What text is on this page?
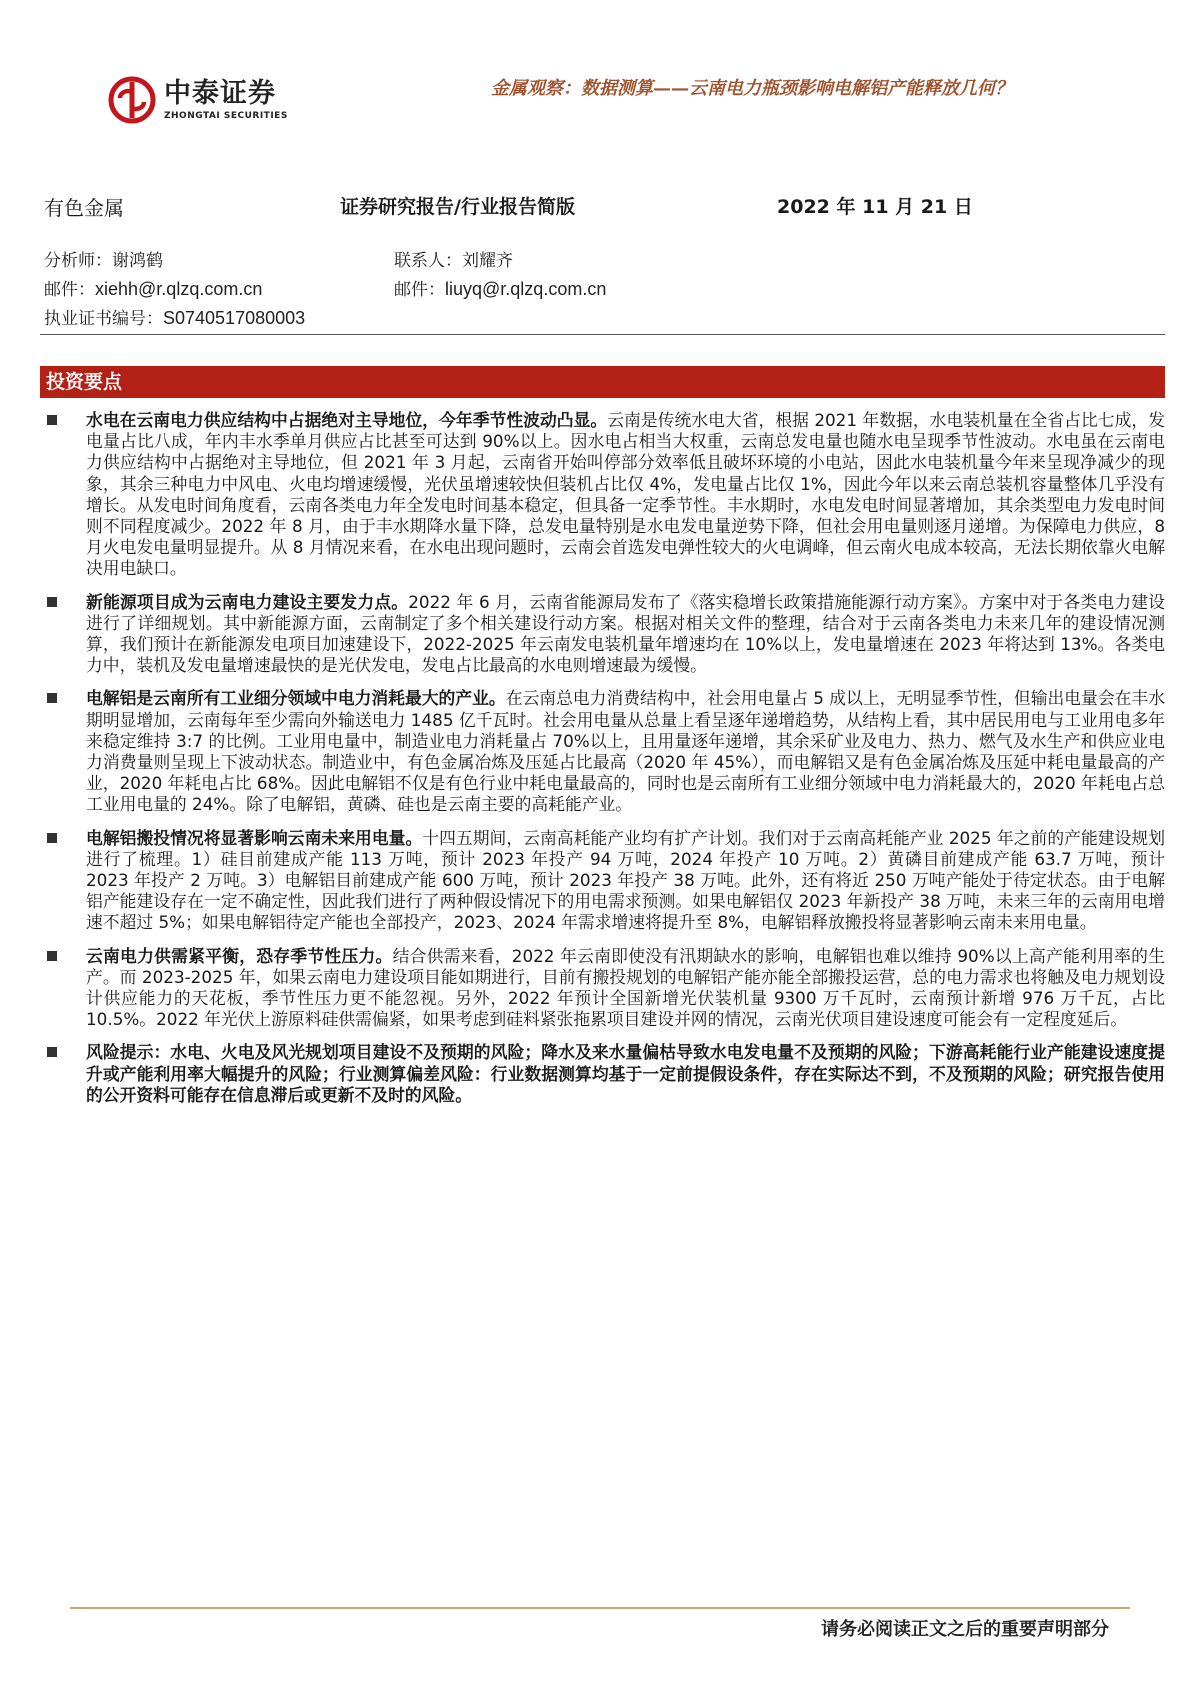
中泰证券
ZHONGTAI SECURITIES
金属观察：数据测算——云南电力瓶颈影响电解铝产能释放几何？
有色金属	证券研究报告/行业报告简版	2022 年 11 月 21 日
分析师：谢鸿鹤
邮件：xiehh@r.qlzq.com.cn
执业证书编号：S0740517080003
联系人：刘耀齐
邮件：liuyq@r.qlzq.com.cn
投资要点

水电在云南电力供应结构中占据绝对主导地位，今年季节性波动凸显。云南是传统水电大省，根据 2021 年数据，水电装机量在全省占比七成，发电量占比八成，年内丰水季单月供应占比甚至可达到 90%以上。因水电占相当大权重，云南总发电量也随水电呈现季节性波动。水电虽在云南电力供应结构中占据绝对主导地位，但 2021 年 3 月起，云南省开始叫停部分效率低且破坏环境的小电站，因此水电装机量今年来呈现净减少的现象，其余三种电力中风电、火电均增速缓慢，光伏虽增速较快但装机占比仅 4%，发电量占比仅 1%，因此今年以来云南总装机容量整体几乎没有增长。从发电时间角度看，云南各类电力年全发电时间基本稳定，但具备一定季节性。丰水期时，水电发电时间显著增加，其余类型电力发电时间则不同程度减少。2022 年 8 月，由于丰水期降水量下降，总发电量特别是水电发电量逆势下降，但社会用电量则逐月递增。为保障电力供应，8 月火电发电量明显提升。从 8 月情况来看，在水电出现问题时，云南会首选发电弹性较大的火电调峰，但云南火电成本较高，无法长期依靠火电解决用电缺口。

新能源项目成为云南电力建设主要发力点。2022 年 6 月，云南省能源局发布了《落实稳增长政策措施能源行动方案》。方案中对于各类电力建设进行了详细规划。其中新能源方面，云南制定了多个相关建设行动方案。根据对相关文件的整理，结合对于云南各类电力未来几年的建设情况测算，我们预计在新能源发电项目加速建设下，2022-2025 年云南发电装机量年增速均在 10%以上，发电量增速在 2023 年将达到 13%。各类电力中，装机及发电量增速最快的是光伏发电，发电占比最高的水电则增速最为缓慢。

电解铝是云南所有工业细分领域中电力消耗最大的产业。在云南总电力消费结构中，社会用电量占 5 成以上，无明显季节性，但输出电量会在丰水期明显增加，云南每年至少需向外输送电力 1485 亿千瓦时。社会用电量从总量上看呈逐年递增趋势，从结构上看，其中居民用电与工业用电多年来稳定维持 3:7 的比例。工业用电量中，制造业电力消耗量占 70%以上，且用量逐年递增，其余采矿业及电力、热力、燃气及水生产和供应业电力消费量则呈现上下波动状态。制造业中，有色金属冶炼及压延占比最高（2020 年 45%），而电解铝又是有色金属冶炼及压延中耗电量最高的产业，2020 年耗电占比 68%。因此电解铝不仅是有色行业中耗电量最高的，同时也是云南所有工业细分领域中电力消耗最大的，2020 年耗电占总工业用电量的 24%。除了电解铝，黄磷、硅也是云南主要的高耗能产业。

电解铝搬投情况将显著影响云南未来用电量。十四五期间，云南高耗能产业均有扩产计划。我们对于云南高耗能产业 2025 年之前的产能建设规划进行了梳理。1）硅目前建成产能 113 万吨，预计 2023 年投产 94 万吨，2024 年投产 10 万吨。2）黄磷目前建成产能 63.7 万吨，预计 2023 年投产 2 万吨。3）电解铝目前建成产能 600 万吨，预计 2023 年投产 38 万吨。此外，还有将近 250 万吨产能处于待定状态。由于电解铝产能建设存在一定不确定性，因此我们进行了两种假设情况下的用电需求预测。如果电解铝仅 2023 年新投产 38 万吨，未来三年的云南用电增速不超过 5%；如果电解铝待定产能也全部投产，2023、2024 年需求增速将提升至 8%，电解铝释放搬投将显著影响云南未来用电量。

云南电力供需紧平衡，恐存季节性压力。结合供需来看，2022 年云南即使没有汛期缺水的影响，电解铝也难以维持 90%以上高产能利用率的生产。而 2023-2025 年，如果云南电力建设项目能如期进行，目前有搬投规划的电解铝产能亦能全部搬投运营，总的电力需求也将触及电力规划设计供应能力的天花板，季节性压力更不能忽视。另外，2022 年预计全国新增光伏装机量 9300 万千瓦时，云南预计新增 976 万千瓦，占比 10.5%。2022 年光伏上游原料硅供需偏紧，如果考虑到硅料紧张拖累项目建设并网的情况，云南光伏项目建设速度可能会有一定程度延后。

风险提示：水电、火电及风光规划项目建设不及预期的风险；降水及来水量偏枯导致水电发电量不及预期的风险；下游高耗能行业产能建设速度提升或产能利用率大幅提升的风险；行业测算偏差风险：行业数据测算均基于一定前提假设条件，存在实际达不到，不及预期的风险；研究报告使用的公开资料可能存在信息滞后或更新不及时的风险。

请务必阅读正文之后的重要声明部分
